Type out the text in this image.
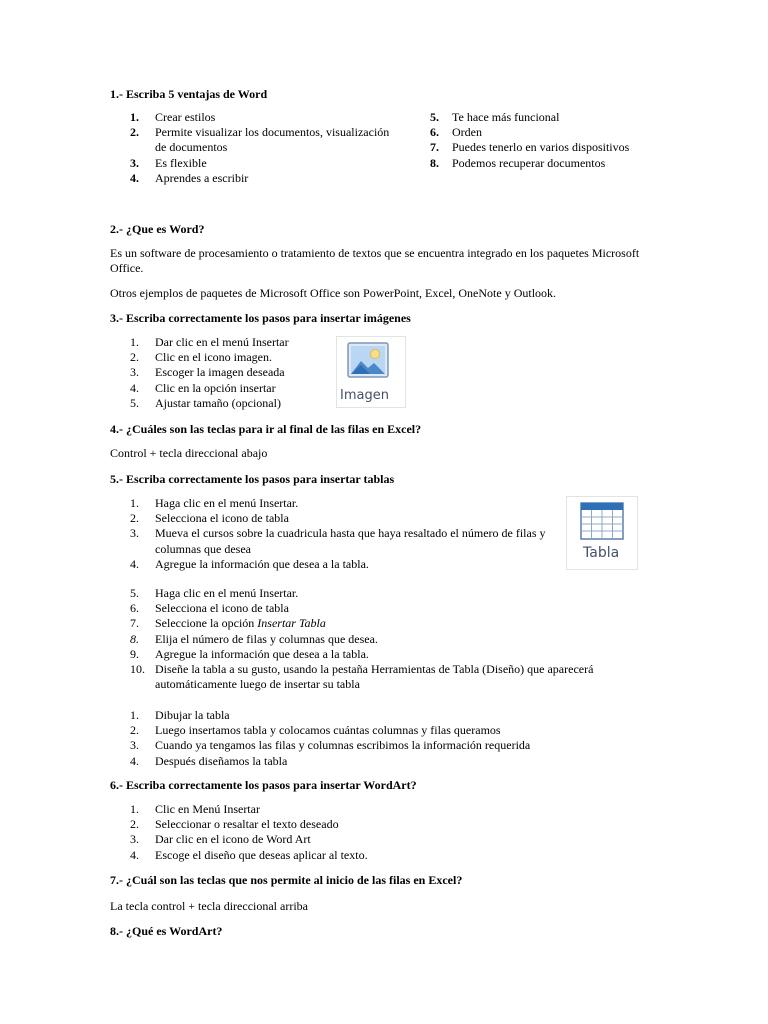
1.- Escriba 5 ventajas de Word
1.	Crear estilos
2.	Permite visualizar los documentos, visualización de documentos
3.	Es flexible
4.	Aprendes a escribir
5.	Te hace más funcional
6.	Orden
7.	Puedes tenerlo en varios dispositivos
8.	Podemos recuperar documentos
2.- ¿Que es Word?
Es un software de procesamiento o tratamiento de textos que se encuentra integrado en los paquetes Microsoft Office.
Otros ejemplos de paquetes de Microsoft Office son PowerPoint, Excel, OneNote y Outlook.
3.- Escriba correctamente los pasos para insertar imágenes
1.	Dar clic en el menú Insertar
2.	Clic en el icono imagen.
3.	Escoger la imagen deseada
4.	Clic en la opción insertar
5.	Ajustar tamaño (opcional)	Imagen
4.- ¿Cuáles son las teclas para ir al final de las filas en Excel?
Control + tecla direccional abajo
5.- Escriba correctamente los pasos para insertar tablas
1.	Haga clic en el menú Insertar.
2.	Selecciona el icono de tabla
3.	Mueva el cursos sobre la cuadricula hasta que haya resaltado el número de filas y columnas que desea
4.	Agregue la información que desea a la tabla.
Tabla
5.	Haga clic en el menú Insertar.
6.	Selecciona el icono de tabla
7.	Seleccione la opción Insertar Tabla
8.	Elija el número de filas y columnas que desea.
9.	Agregue la información que desea a la tabla.
10. Diseñe la tabla a su gusto, usando la pestaña Herramientas de Tabla (Diseño) que aparecerá automáticamente luego de insertar su tabla
1.	Dibujar la tabla
2.	Luego insertamos tabla y colocamos cuántas columnas y filas queramos
3.	Cuando ya tengamos las filas y columnas escribimos la información requerida
4.	Después diseñamos la tabla
6.- Escriba correctamente los pasos para insertar WordArt?
1.	Clic en Menú Insertar
2.	Seleccionar o resaltar el texto deseado
3.	Dar clic en el icono de Word Art
4.	Escoge el diseño que deseas aplicar al texto.
7.- ¿Cuál son las teclas que nos permite al inicio de las filas en Excel?
La tecla control + tecla direccional arriba
8.- ¿Qué es WordArt?
